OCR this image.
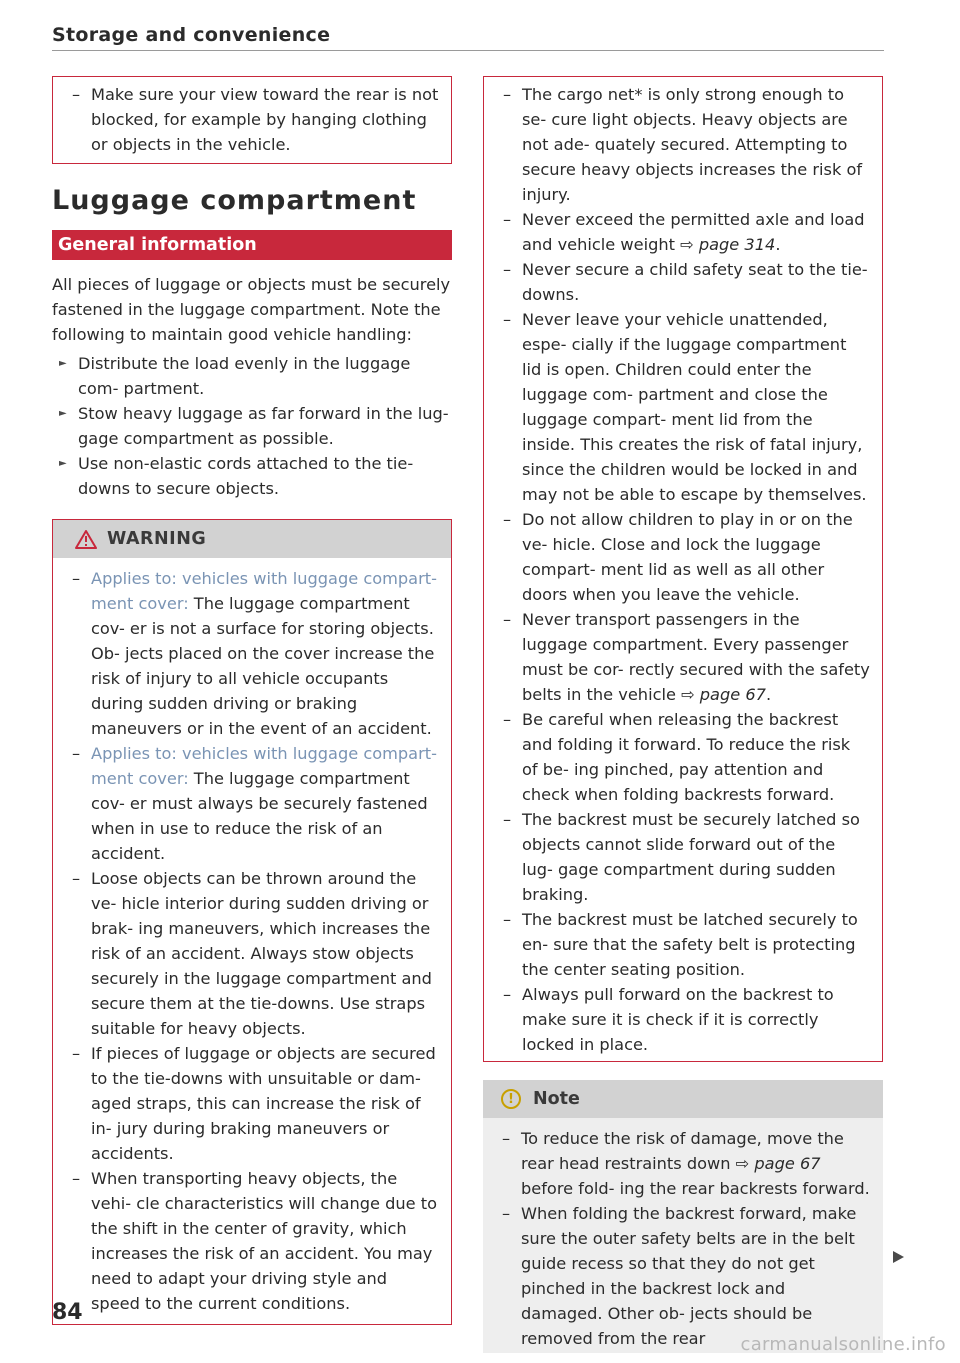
Storage and convenience
– Make sure your view toward the rear is not blocked, for example by hanging clothing or objects in the vehicle.
Luggage compartment
General information
All pieces of luggage or objects must be securely fastened in the luggage compartment. Note the following to maintain good vehicle handling:
► Distribute the load evenly in the luggage com- partment.
► Stow heavy luggage as far forward in the lug- gage compartment as possible.
► Use non-elastic cords attached to the tie-downs to secure objects.
WARNING
– Applies to: vehicles with luggage compart- ment cover: The luggage compartment cov- er is not a surface for storing objects. Ob- jects placed on the cover increase the risk of injury to all vehicle occupants during sudden driving or braking maneuvers or in the event of an accident.
– Applies to: vehicles with luggage compart- ment cover: The luggage compartment cov- er must always be securely fastened when in use to reduce the risk of an accident.
– Loose objects can be thrown around the ve- hicle interior during sudden driving or brak- ing maneuvers, which increases the risk of an accident. Always stow objects securely in the luggage compartment and secure them at the tie-downs. Use straps suitable for heavy objects.
– If pieces of luggage or objects are secured to the tie-downs with unsuitable or dam- aged straps, this can increase the risk of in- jury during braking maneuvers or accidents.
– When transporting heavy objects, the vehi- cle characteristics will change due to the shift in the center of gravity, which increases the risk of an accident. You may need to adapt your driving style and speed to the current conditions.
– The cargo net* is only strong enough to se- cure light objects. Heavy objects are not ade- quately secured. Attempting to secure heavy objects increases the risk of injury.
– Never exceed the permitted axle and load and vehicle weight ⇨ page 314.
– Never secure a child safety seat to the tie- downs.
– Never leave your vehicle unattended, espe- cially if the luggage compartment lid is open. Children could enter the luggage com- partment and close the luggage compart- ment lid from the inside. This creates the risk of fatal injury, since the children would be locked in and may not be able to escape by themselves.
– Do not allow children to play in or on the ve- hicle. Close and lock the luggage compart- ment lid as well as all other doors when you leave the vehicle.
– Never transport passengers in the luggage compartment. Every passenger must be cor- rectly secured with the safety belts in the vehicle ⇨ page 67.
– Be careful when releasing the backrest and folding it forward. To reduce the risk of be- ing pinched, pay attention and check when folding backrests forward.
– The backrest must be securely latched so objects cannot slide forward out of the lug- gage compartment during sudden braking.
– The backrest must be latched securely to en- sure that the safety belt is protecting the center seating position.
– Always pull forward on the backrest to make sure it is check if it is correctly locked in place.
!	Note
– To reduce the risk of damage, move the rear head restraints down ⇨ page 67 before fold- ing the rear backrests forward.
– When folding the backrest forward, make sure the outer safety belts are in the belt guide recess so that they do not get pinched in the backrest lock and damaged. Other ob- jects should be removed from the rear
84
carmanualsonline.info
